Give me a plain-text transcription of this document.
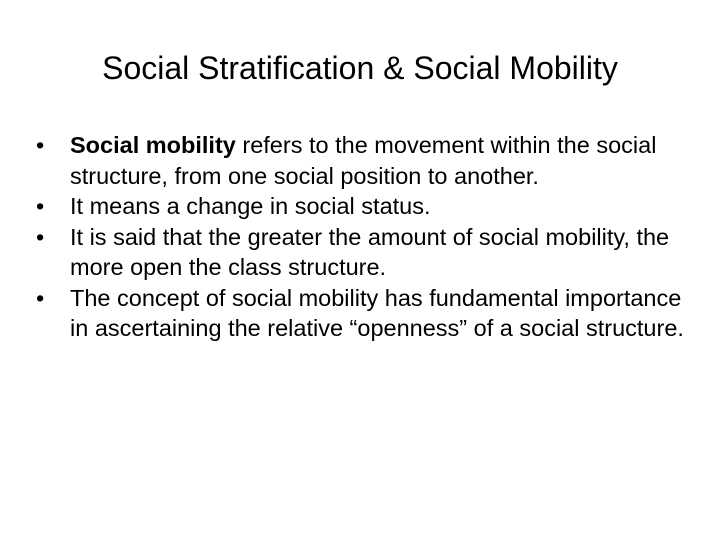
Social Stratification & Social Mobility
•	Social mobility refers to the movement within the social structure, from one social position to another.
•	It means a change in social status.
•	It is said that the greater the amount of social mobility, the more open the class structure.
•	The concept of social mobility has fundamental importance in ascertaining the relative “openness” of a social structure.
